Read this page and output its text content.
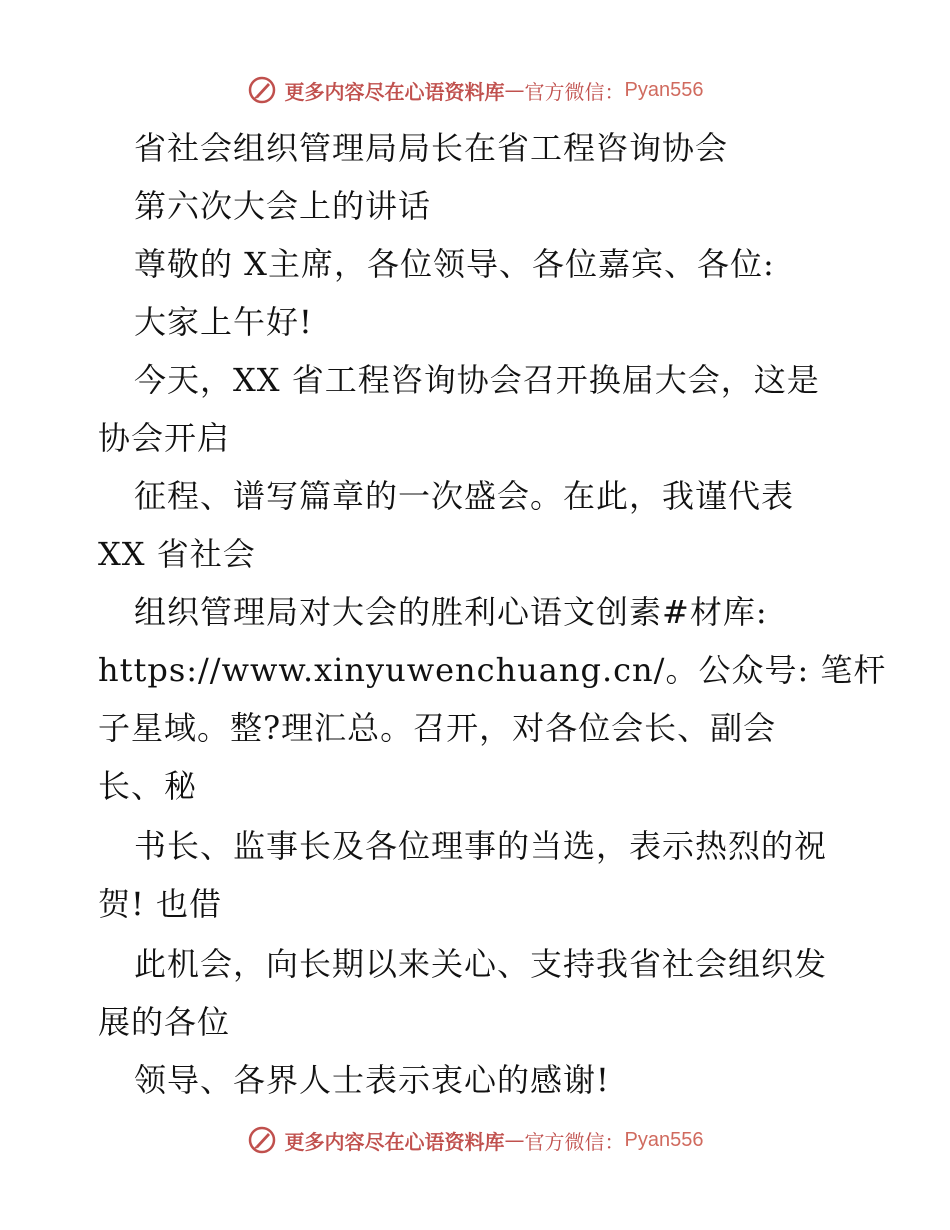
更多内容尽在心语资料库 — 官方微信： Pyan556
省社会组织管理局局长在省工程咨询协会
第六次大会上的讲话
尊敬的 X主席，各位领导、各位嘉宾、各位:
大家上午好!
今天，XX 省工程咨询协会召开换届大会，这是
协会开启
征程、谱写篇章的一次盛会。在此，我谨代表
XX 省社会
组织管理局对大会的胜利心语文创素#材库:
https://www.xinyuwenchuang.cn/。公众号: 笔杆
子星域。整?理汇总。召开，对各位会长、副会
长、秘
书长、监事长及各位理事的当选，表示热烈的祝
贺! 也借
此机会，向长期以来关心、支持我省社会组织发
展的各位
领导、各界人士表示衷心的感谢!
更多内容尽在心语资料库 — 官方微信： Pyan556
